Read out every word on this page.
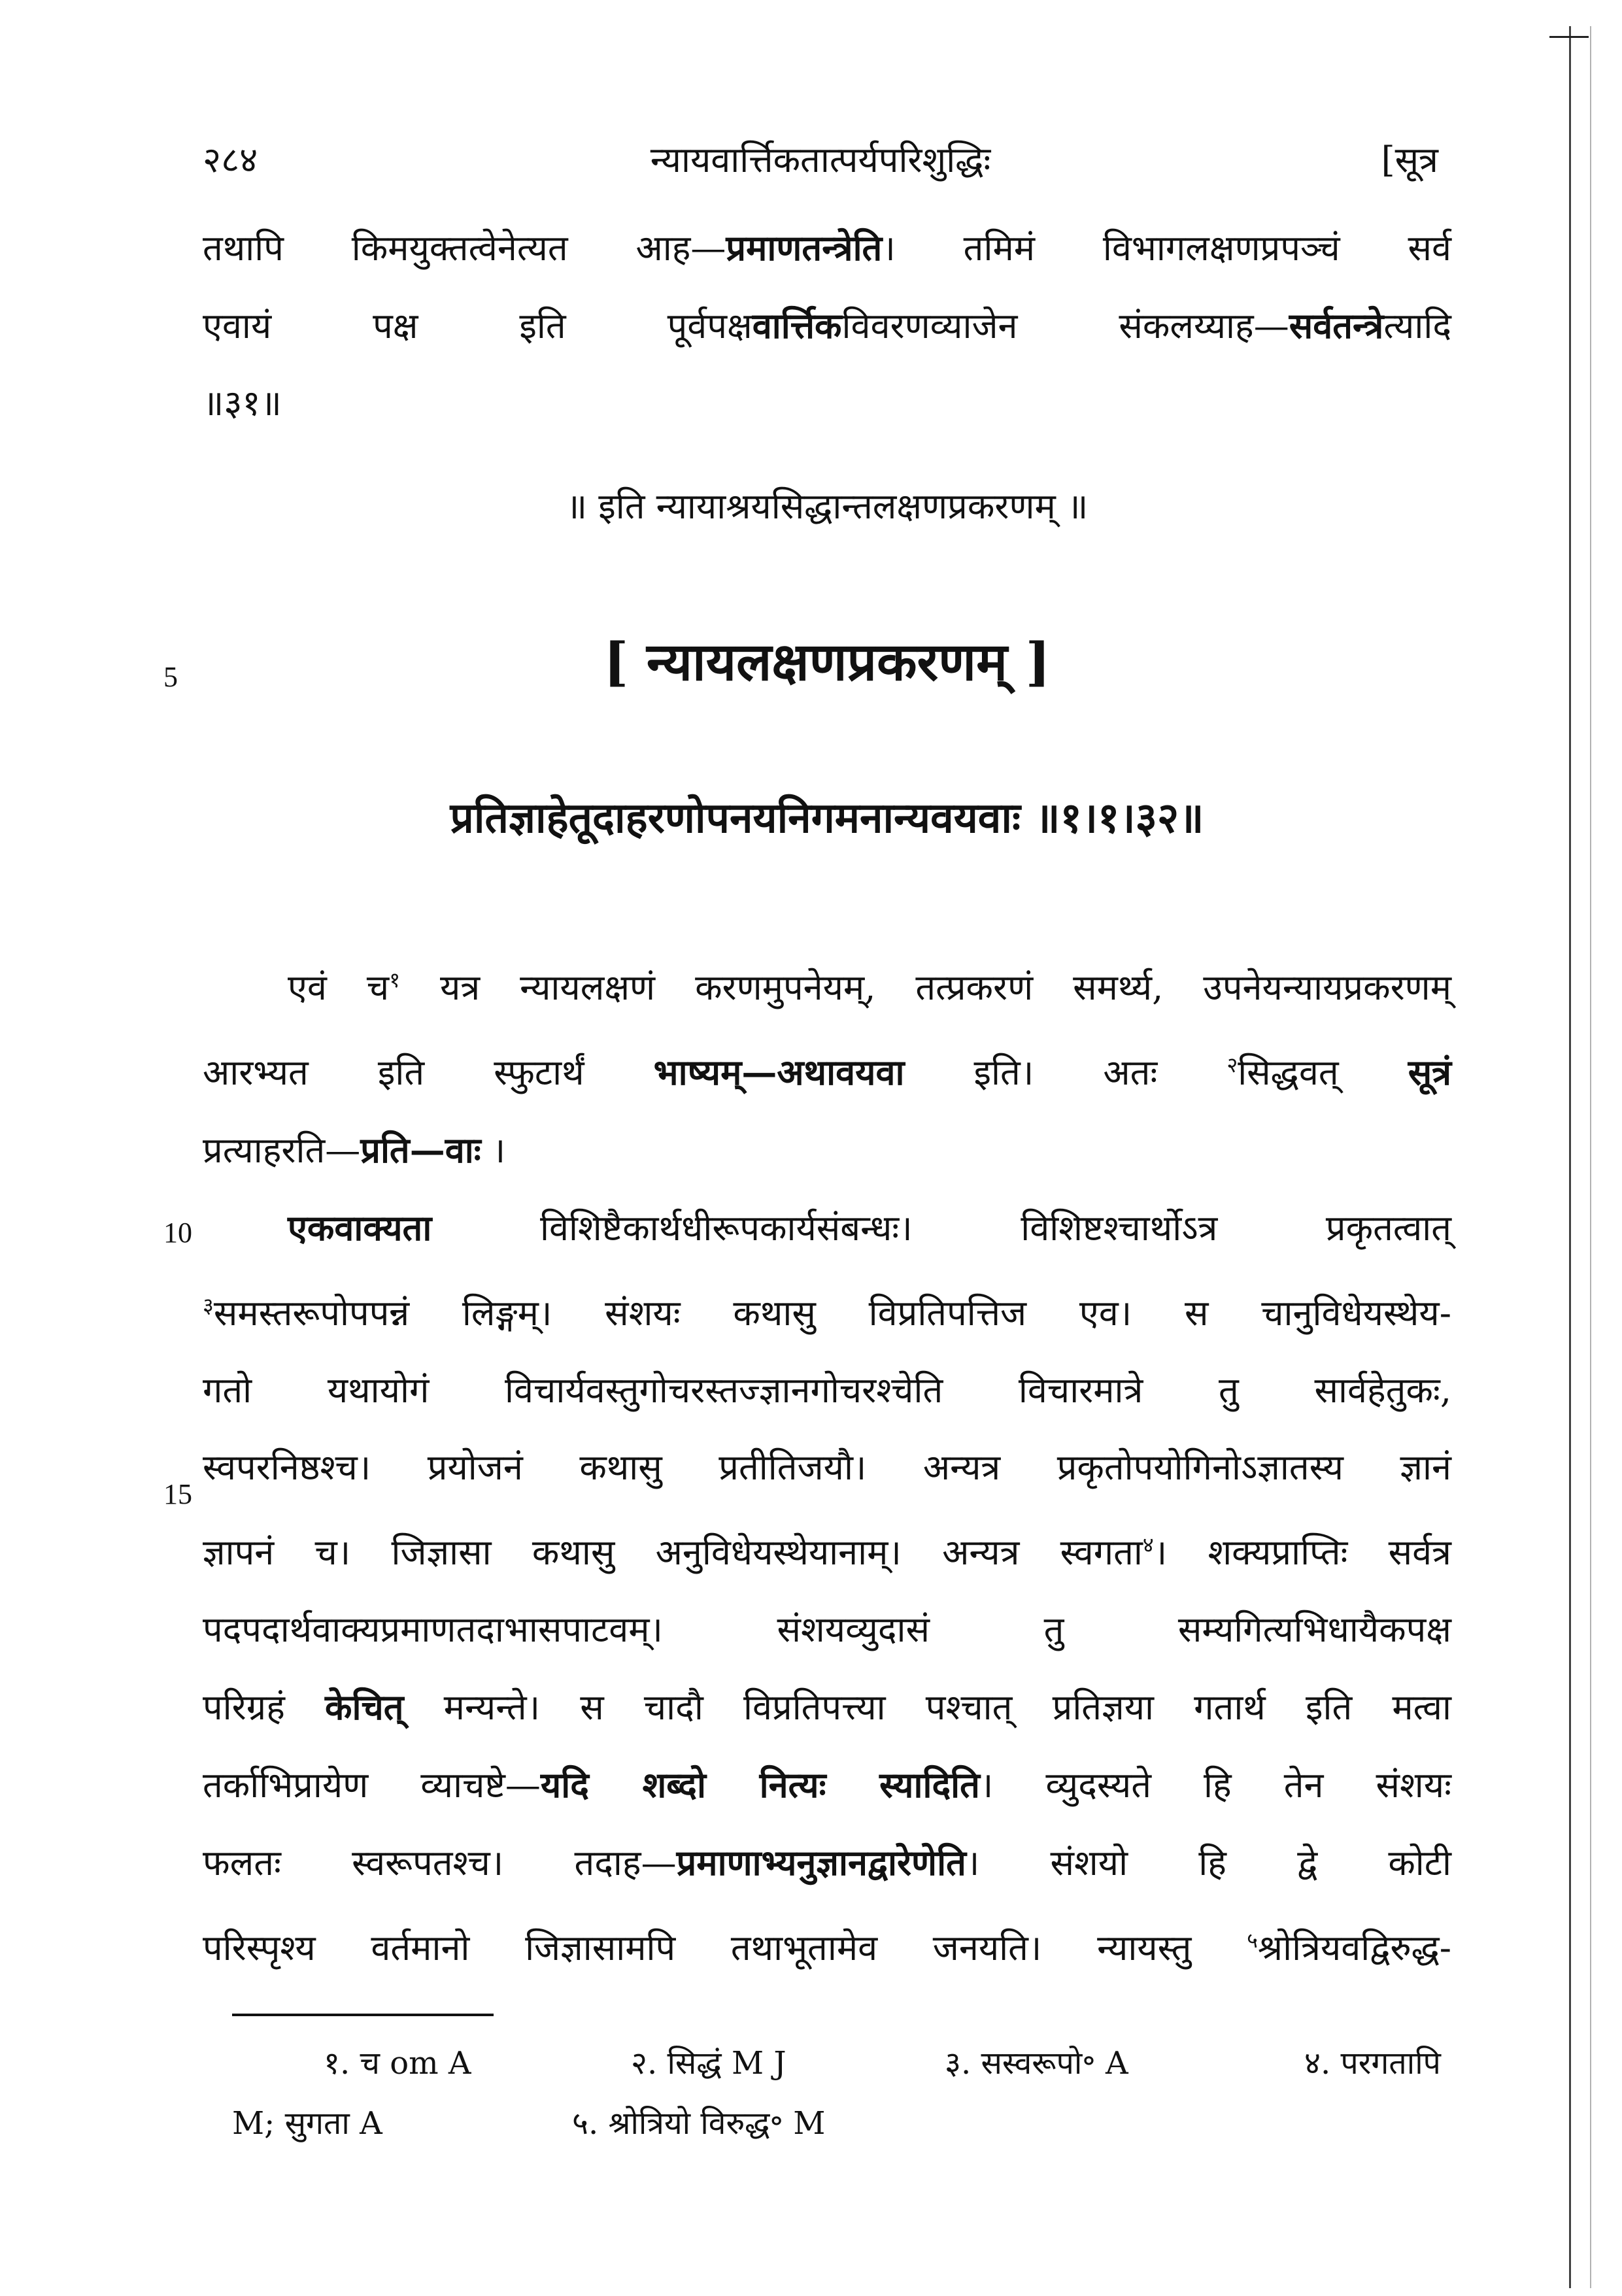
२८४	न्यायवार्त्तिकतात्पर्यपरिशुद्धिः	[सूत्र
तथापि किमयुक्तत्वेनेत्यत आह—प्रमाणतन्त्रेति। तमिमं विभागलक्षणप्रपञ्चं सर्व
एवायं पक्ष इति पूर्वपक्षवार्त्तिकविवरणव्याजेन संकलय्याह—सर्वतन्त्रेत्यादि
॥३१॥
॥ इति न्यायाश्रयसिद्धान्तलक्षणप्रकरणम् ॥
5	[ न्यायलक्षणप्रकरणम् ]
प्रतिज्ञाहेतूदाहरणोपनयनिगमनान्यवयवाः ॥१।१।३२॥
10
15
एवं च$^१$ यत्र न्यायलक्षणं करणमुपनेयम्, तत्प्रकरणं समर्थ्य, उपनेयन्यायप्रकरणम्
आरभ्यत इति स्फुटार्थं भाष्यम्—अथावयवा इति। अतः $^२$सिद्धवत् सूत्रं
प्रत्याहरति—प्रति—वाः ।
एकवाक्यता विशिष्टैकार्थधीरूपकार्यसंबन्धः। विशिष्टश्चार्थोऽत्र प्रकृतत्वात्
$^३$समस्तरूपोपपन्नं लिङ्गम्। संशयः कथासु विप्रतिपत्तिज एव। स चानुविधेयस्थेय-
गतो यथायोगं विचार्यवस्तुगोचरस्तज्ज्ञानगोचरश्चेति विचारमात्रे तु सार्वहेतुकः,
स्वपरनिष्ठश्च। प्रयोजनं कथासु प्रतीतिजयौ। अन्यत्र प्रकृतोपयोगिनोऽज्ञातस्य ज्ञानं
ज्ञापनं च। जिज्ञासा कथासु अनुविधेयस्थेयानाम्। अन्यत्र स्वगता$^४$। शक्यप्राप्तिः सर्वत्र
पदपदार्थवाक्यप्रमाणतदाभासपाटवम्। संशयव्युदासं तु सम्यगित्यभिधायैकपक्ष
परिग्रहं केचित् मन्यन्ते। स चादौ विप्रतिपत्त्या पश्चात् प्रतिज्ञया गतार्थ इति मत्वा
तर्काभिप्रायेण व्याचष्टे—यदि शब्दो नित्यः स्यादिति। व्युदस्यते हि तेन संशयः
फलतः स्वरूपतश्च। तदाह—प्रमाणाभ्यनुज्ञानद्वारेणेति। संशयो हि द्वे कोटी
परिस्पृश्य वर्तमानो जिज्ञासामपि तथाभूतामेव जनयति। न्यायस्तु $^५$श्रोत्रियवद्विरुद्ध-
१. च om A	२. सिद्धं M J	३. सस्वरूपो॰ A	४. परगतापि
M; सुगता A	५. श्रोत्रियो विरुद्ध॰ M
